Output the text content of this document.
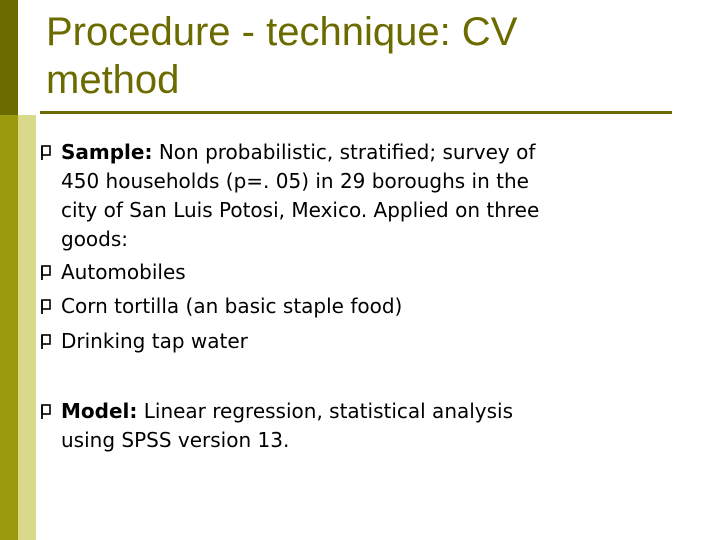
Procedure - technique: CV
method
Sample: Non probabilistic, stratified; survey of
450 households (p=. 05) in 29 boroughs in the
city of San Luis Potosi, Mexico. Applied on three
goods:
Automobiles
Corn tortilla (an basic staple food)
Drinking tap water
Model: Linear regression, statistical analysis
using SPSS version 13.
